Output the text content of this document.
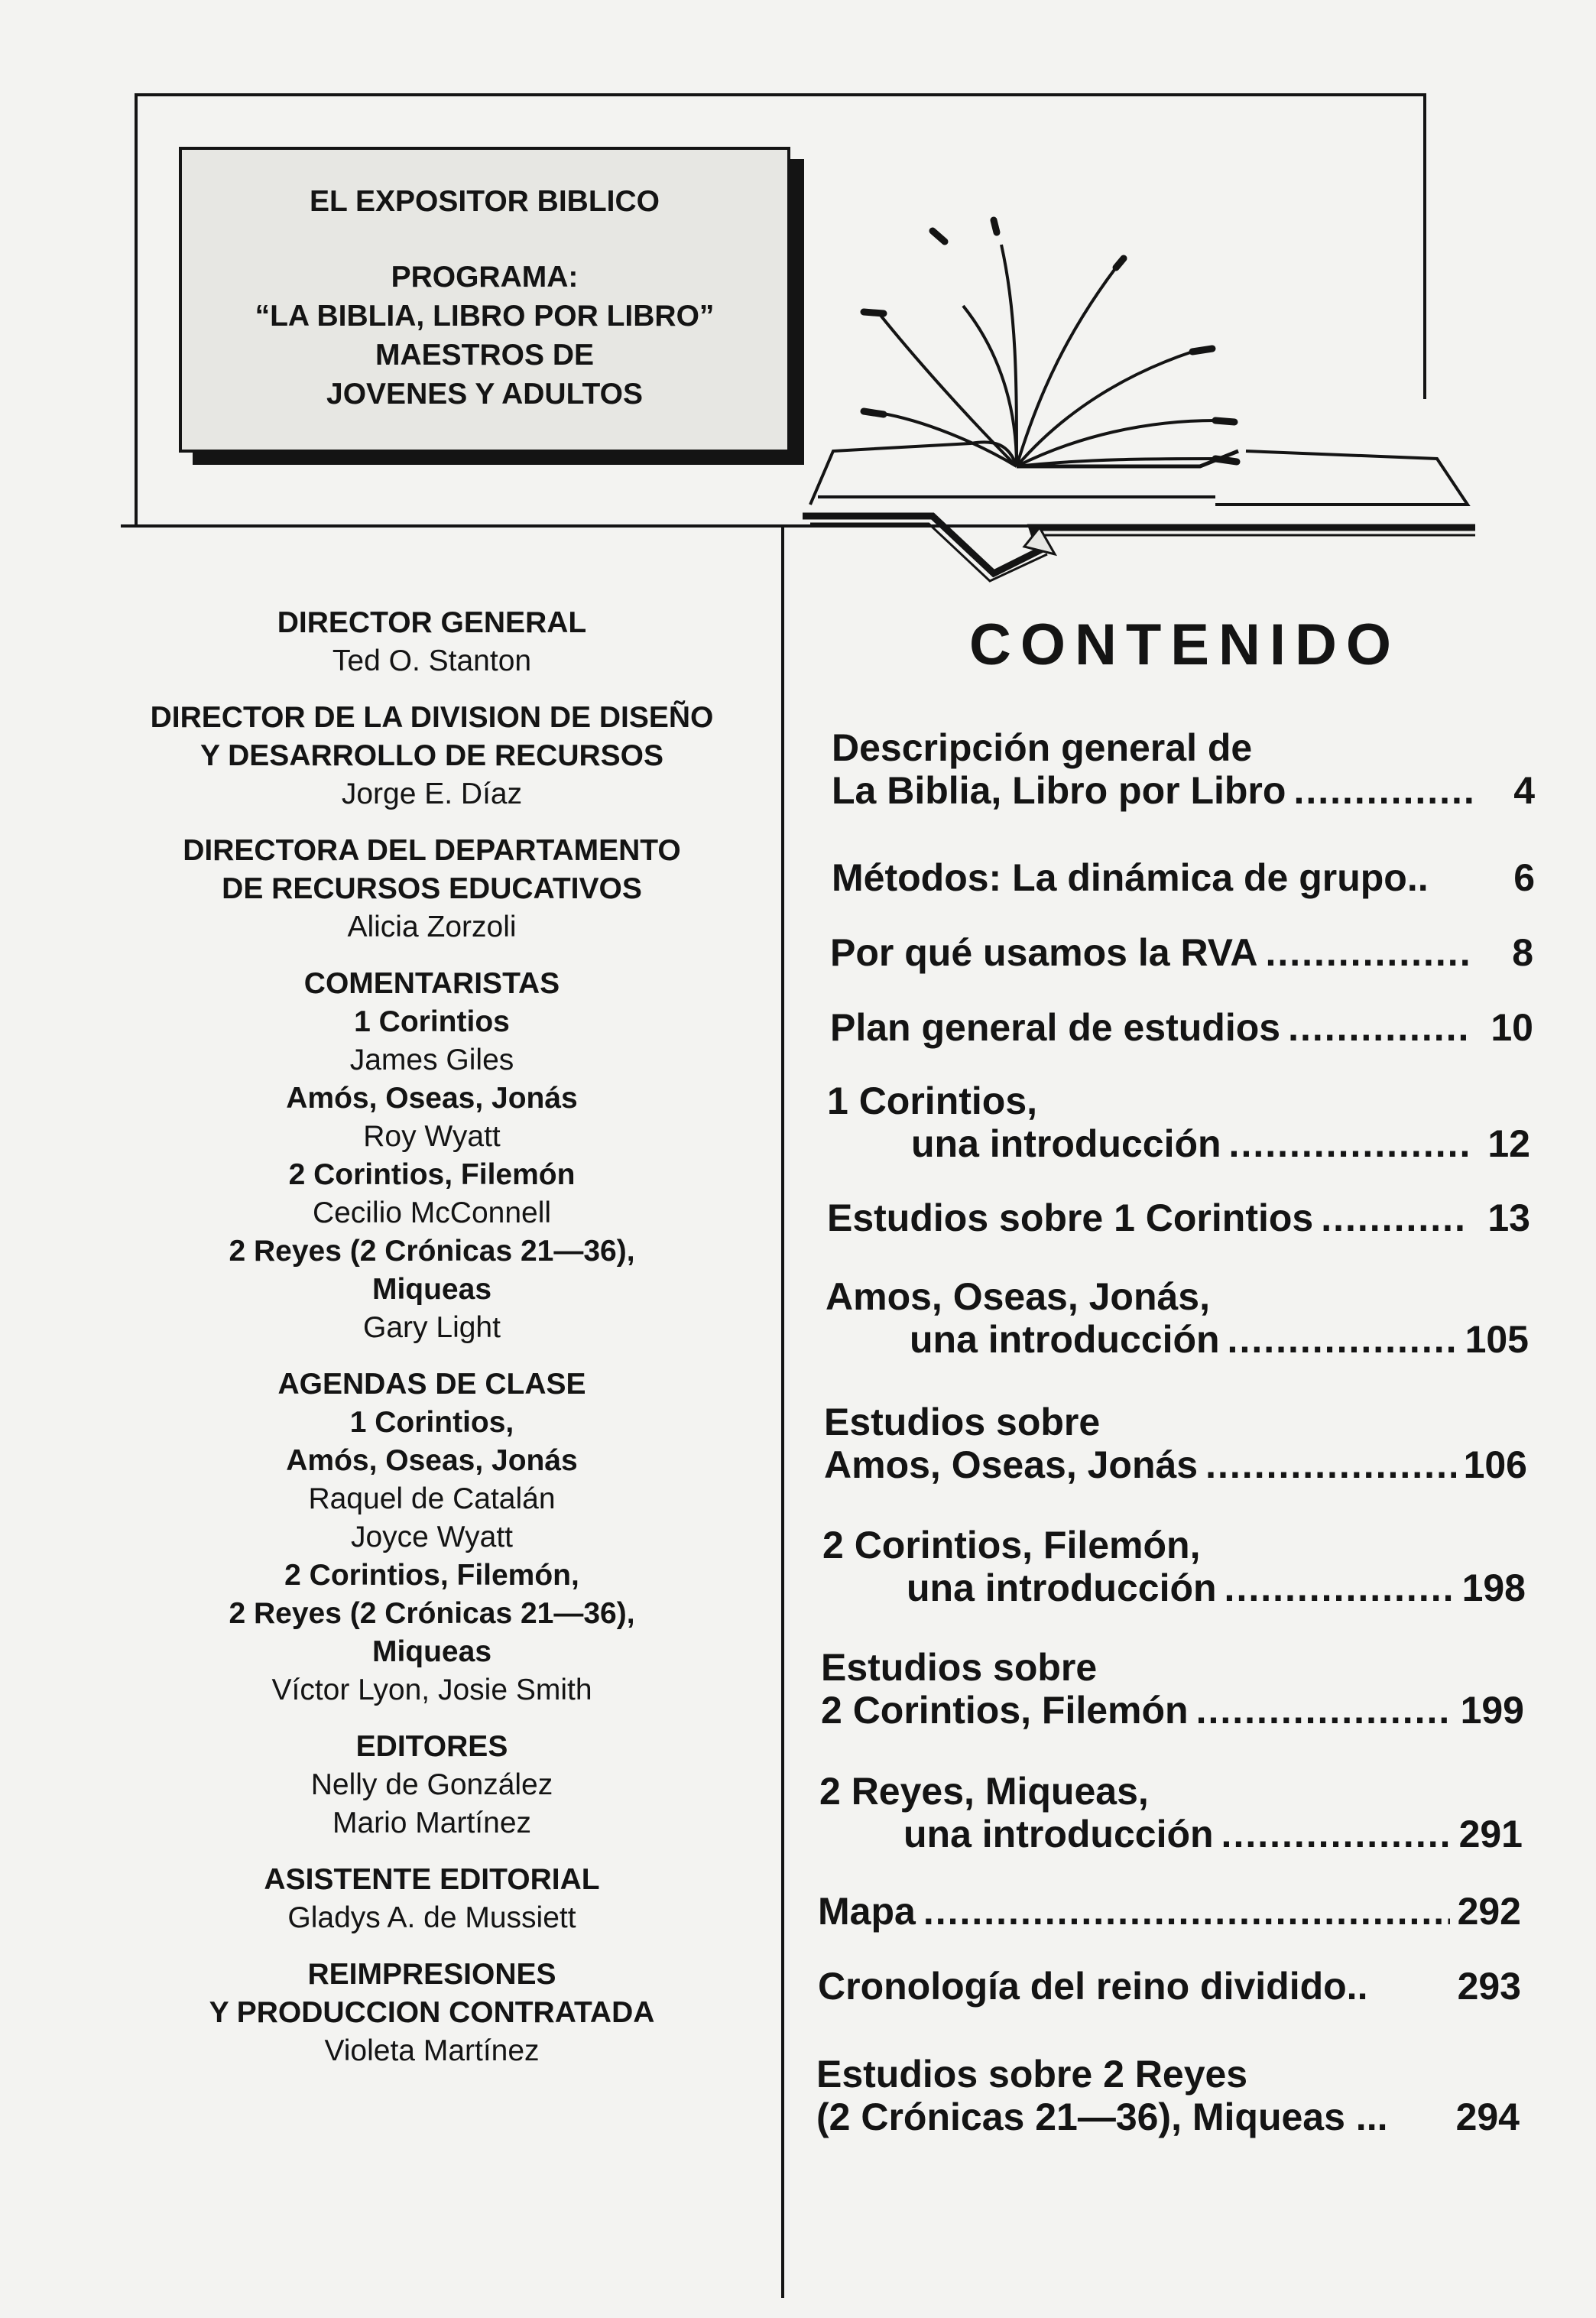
EL EXPOSITOR BIBLICO
PROGRAMA:
“LA BIBLIA, LIBRO POR LIBRO”
MAESTROS DE
JOVENES Y ADULTOS
CONTENIDO
DIRECTOR GENERAL
Ted O. Stanton
DIRECTOR DE LA DIVISION DE DISEÑO
Y DESARROLLO DE RECURSOS
Jorge E. Díaz
DIRECTORA DEL DEPARTAMENTO
DE RECURSOS EDUCATIVOS
Alicia Zorzoli
COMENTARISTAS
1 Corintios
James Giles
Amós, Oseas, Jonás
Roy Wyatt
2 Corintios, Filemón
Cecilio McConnell
2 Reyes (2 Crónicas 21—36),
Miqueas
Gary Light
AGENDAS DE CLASE
1 Corintios,
Amós, Oseas, Jonás
Raquel de Catalán
Joyce Wyatt
2 Corintios, Filemón,
2 Reyes (2 Crónicas 21—36),
Miqueas
Víctor Lyon, Josie Smith
EDITORES
Nelly de González
Mario Martínez
ASISTENTE EDITORIAL
Gladys A. de Mussiett
REIMPRESIONES
Y PRODUCCION CONTRATADA
Violeta Martínez
Descripción general de
La Biblia, Libro por Libro .....	4
Métodos: La dinámica de grupo..	6
Por qué usamos la RVA .....	8
Plan general de estudios .....	10
1 Corintios,
una introducción .....	12
Estudios sobre 1 Corintios .....	13
Amos, Oseas, Jonás,
una introducción .....	105
Estudios sobre
Amos, Oseas, Jonás .....	106
2 Corintios, Filemón,
una introducción .....	198
Estudios sobre
2 Corintios, Filemón .....	199
2 Reyes, Miqueas,
una introducción .....	291
Mapa .....	292
Cronología del reino dividido.. 293
Estudios sobre 2 Reyes
(2 Crónicas 21—36), Miqueas ... 294
